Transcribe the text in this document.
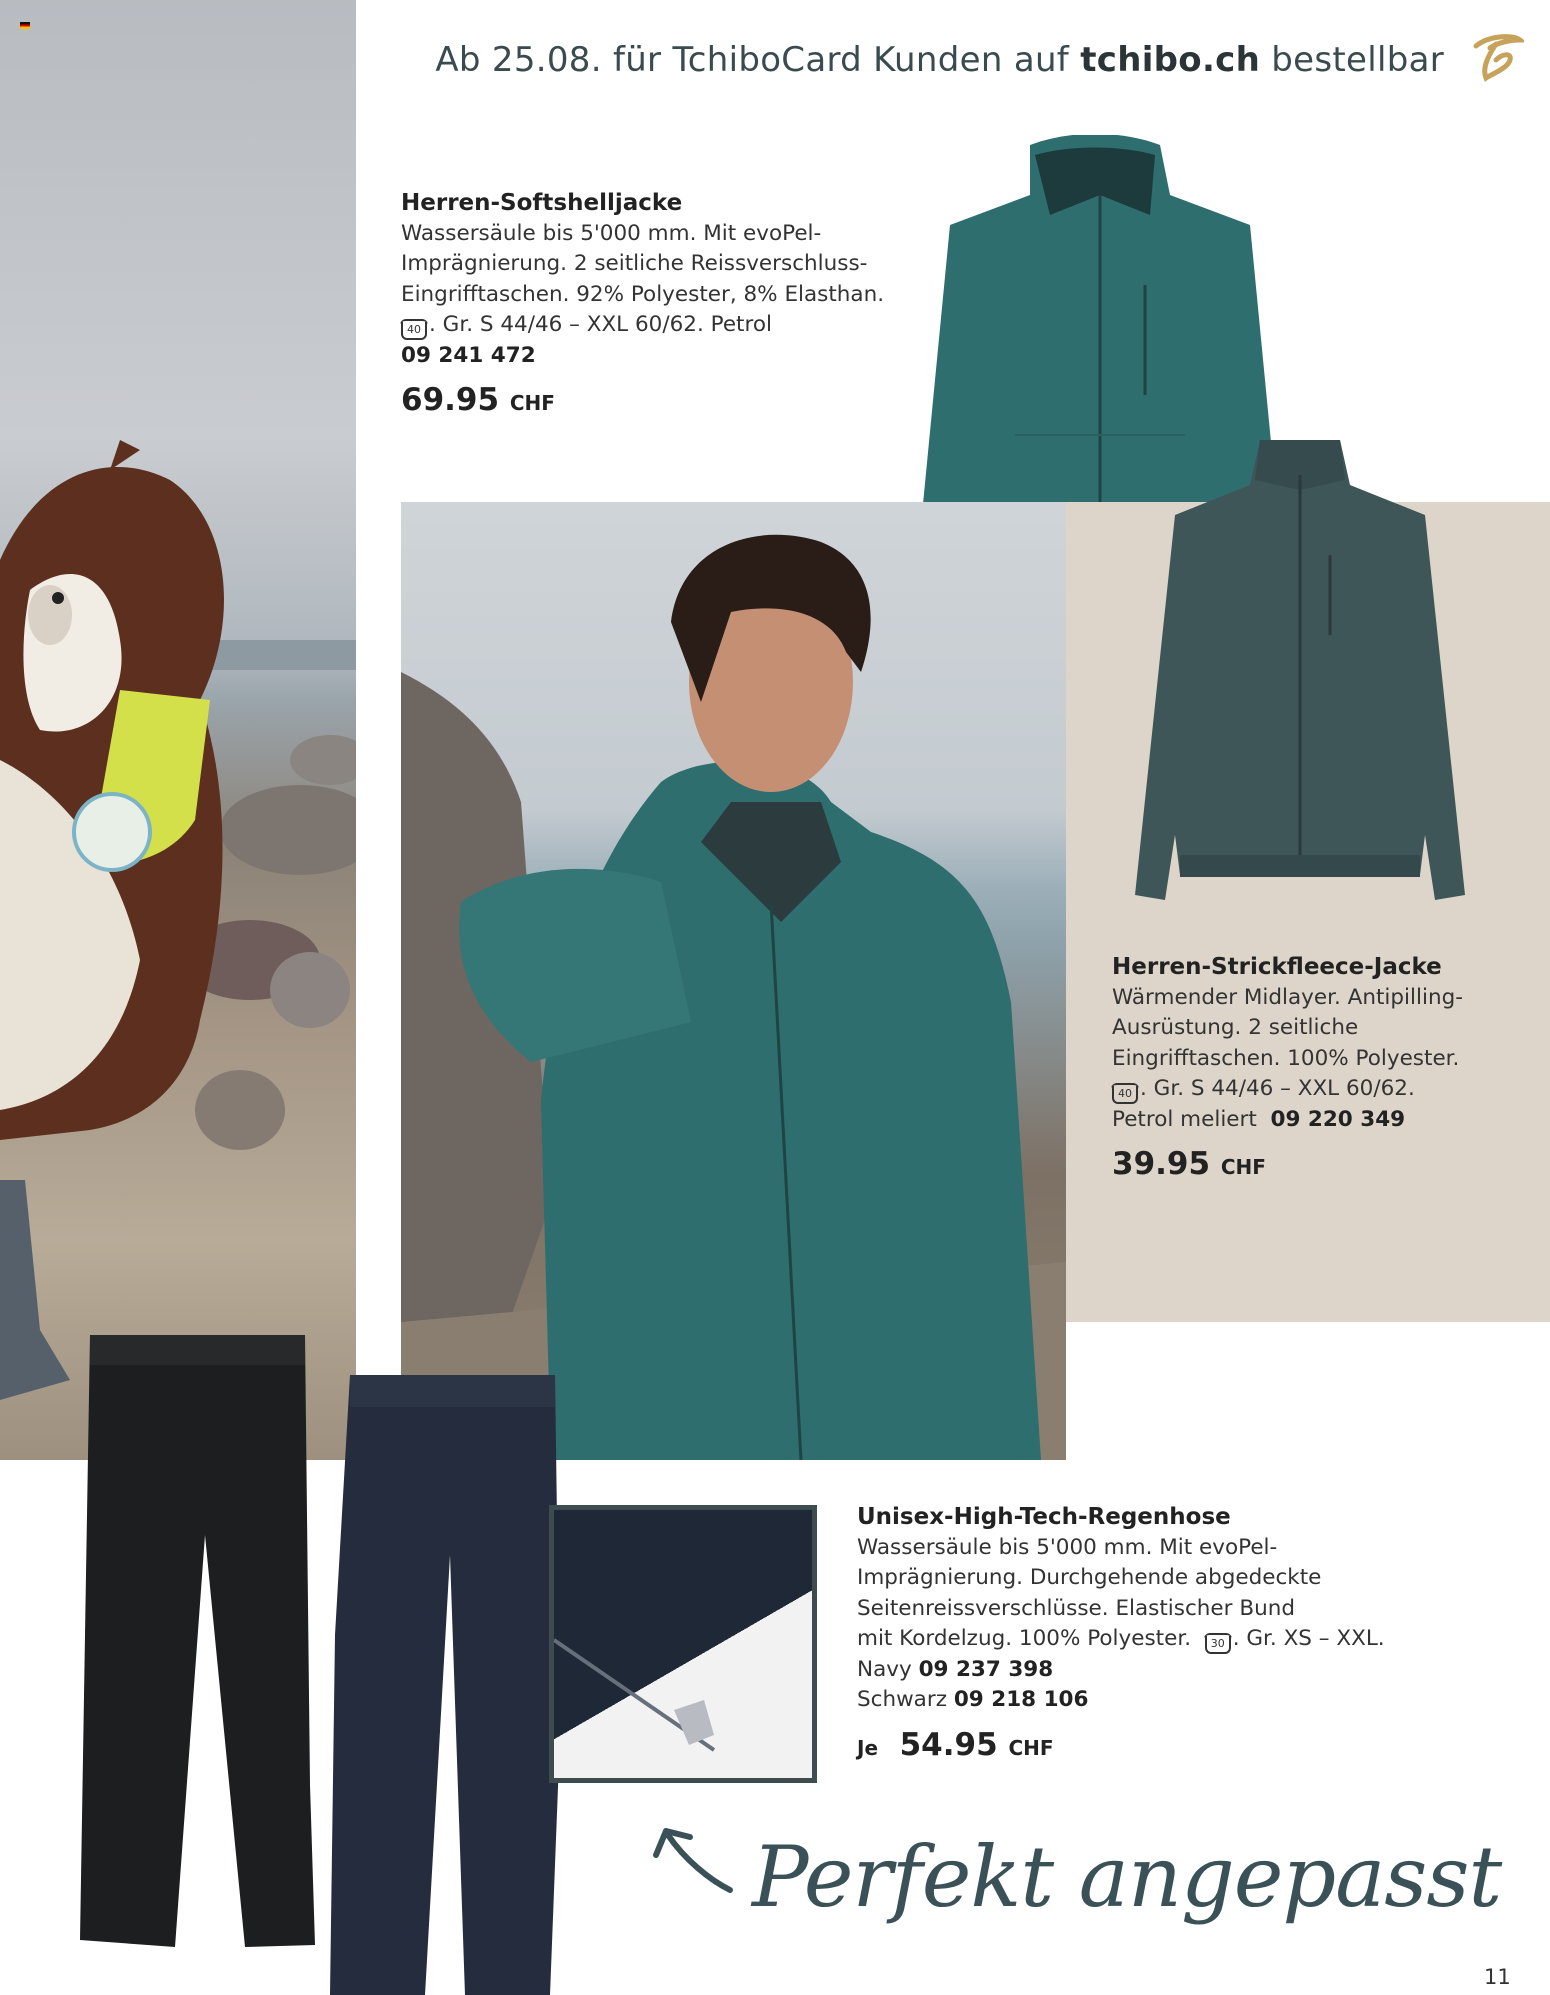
Ab 25.08. für TchiboCard Kunden auf tchibo.ch bestellbar
Herren-Softshelljacke
Wassersäule bis 5'000 mm. Mit evoPel-
Imprägnierung. 2 seitliche Reissverschluss-
Eingrifftaschen. 92% Polyester, 8% Elasthan.
40 . Gr. S 44/46 – XXL 60/62. Petrol
09 241 472
69.95 CHF
Herren-Strickfleece-Jacke
Wärmender Midlayer. Antipilling-
Ausrüstung. 2 seitliche
Eingrifftaschen. 100% Polyester.
40 . Gr. S 44/46 – XXL 60/62.
Petrol meliert 09 220 349
39.95 CHF
Unisex-High-Tech-Regenhose
Wassersäule bis 5'000 mm. Mit evoPel-
Imprägnierung. Durchgehende abgedeckte
Seitenreissverschlüsse. Elastischer Bund
mit Kordelzug. 100% Polyester. 30 . Gr. XS – XXL.
Navy 09 237 398
Schwarz 09 218 106
Je 54.95 CHF
Perfekt angepasst
11
